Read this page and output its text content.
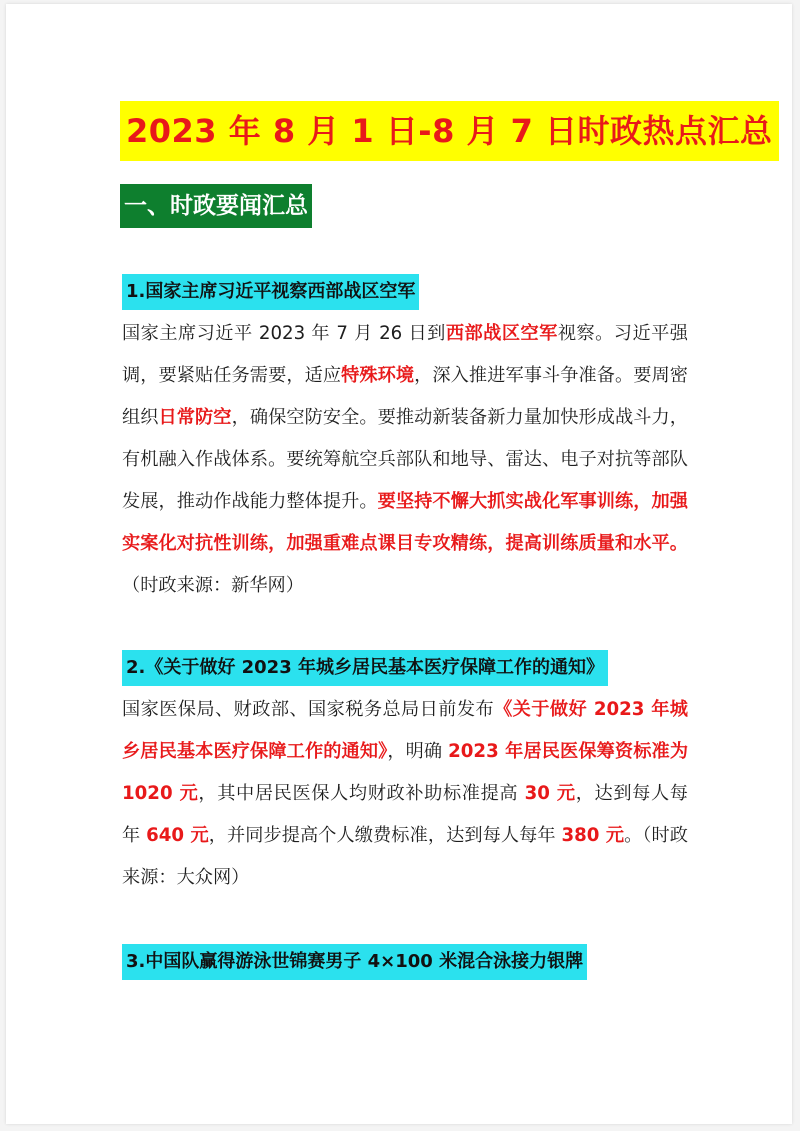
2023 年 8 月 1 日-8 月 7 日时政热点汇总
一、时政要闻汇总
1.国家主席习近平视察西部战区空军
国家主席习近平 2023 年 7 月 26 日到西部战区空军视察。习近平强调，要紧贴任务需要，适应特殊环境，深入推进军事斗争准备。要周密组织日常防空，确保空防安全。要推动新装备新力量加快形成战斗力，有机融入作战体系。要统筹航空兵部队和地导、雷达、电子对抗等部队发展，推动作战能力整体提升。要坚持不懈大抓实战化军事训练，加强实案化对抗性训练，加强重难点课目专攻精练，提高训练质量和水平。（时政来源：新华网）
2.《关于做好 2023 年城乡居民基本医疗保障工作的通知》
国家医保局、财政部、国家税务总局日前发布《关于做好 2023 年城乡居民基本医疗保障工作的通知》，明确 2023 年居民医保筹资标准为 1020 元，其中居民医保人均财政补助标准提高 30 元，达到每人每年 640 元，并同步提高个人缴费标准，达到每人每年 380 元。（时政来源：大众网）
3.中国队赢得游泳世锦赛男子 4×100 米混合泳接力银牌
